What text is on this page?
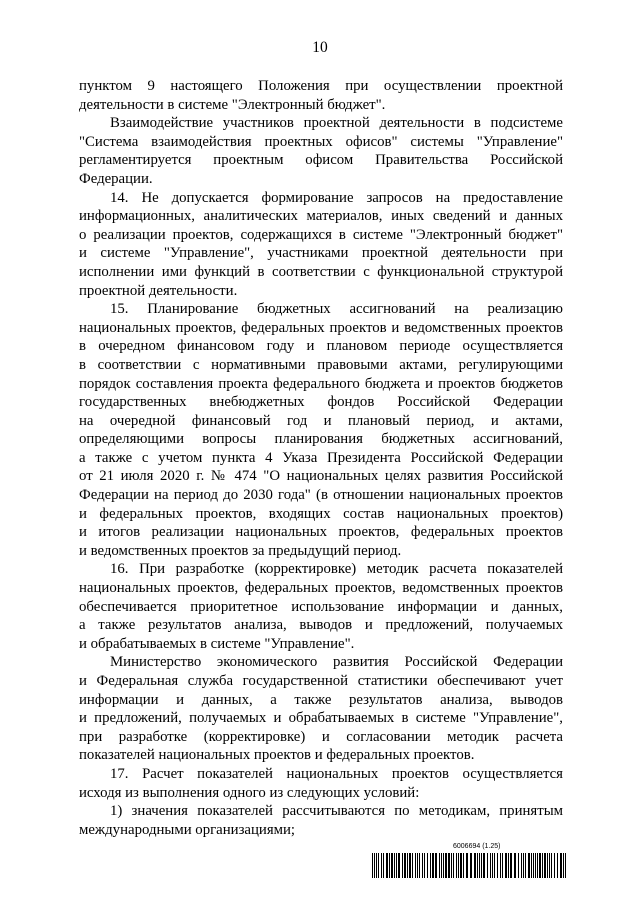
10
пунктом 9 настоящего Положения при осуществлении проектной
деятельности в системе "Электронный бюджет".
Взаимодействие участников проектной деятельности в подсистеме
"Система взаимодействия проектных офисов" системы "Управление"
регламентируется проектным офисом Правительства Российской
Федерации.
14. Не допускается формирование запросов на предоставление
информационных, аналитических материалов, иных сведений и данных
о реализации проектов, содержащихся в системе "Электронный бюджет"
и системе "Управление", участниками проектной деятельности при
исполнении ими функций в соответствии с функциональной структурой
проектной деятельности.
15. Планирование бюджетных ассигнований на реализацию
национальных проектов, федеральных проектов и ведомственных проектов
в очередном финансовом году и плановом периоде осуществляется
в соответствии с нормативными правовыми актами, регулирующими
порядок составления проекта федерального бюджета и проектов бюджетов
государственных внебюджетных фондов Российской Федерации
на очередной финансовый год и плановый период, и актами,
определяющими вопросы планирования бюджетных ассигнований,
а также с учетом пункта 4 Указа Президента Российской Федерации
от 21 июля 2020 г. № 474 "О национальных целях развития Российской
Федерации на период до 2030 года" (в отношении национальных проектов
и федеральных проектов, входящих состав национальных проектов)
и итогов реализации национальных проектов, федеральных проектов
и ведомственных проектов за предыдущий период.
16. При разработке (корректировке) методик расчета показателей
национальных проектов, федеральных проектов, ведомственных проектов
обеспечивается приоритетное использование информации и данных,
а также результатов анализа, выводов и предложений, получаемых
и обрабатываемых в системе "Управление".
Министерство экономического развития Российской Федерации
и Федеральная служба государственной статистики обеспечивают учет
информации и данных, а также результатов анализа, выводов
и предложений, получаемых и обрабатываемых в системе "Управление",
при разработке (корректировке) и согласовании методик расчета
показателей национальных проектов и федеральных проектов.
17. Расчет показателей национальных проектов осуществляется
исходя из выполнения одного из следующих условий:
1) значения показателей рассчитываются по методикам, принятым
международными организациями;
6006694 (1.25)
